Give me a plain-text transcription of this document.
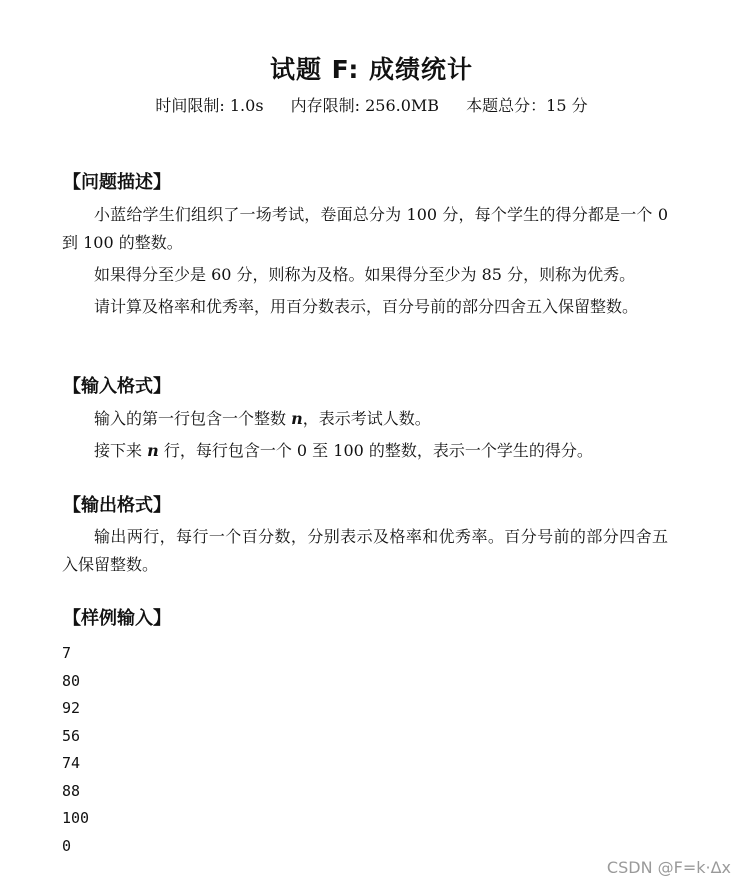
试题 F: 成绩统计
时间限制: 1.0s 内存限制: 256.0MB 本题总分：15 分
【问题描述】
小蓝给学生们组织了一场考试，卷面总分为 100 分，每个学生的得分都是一个 0 到 100 的整数。
如果得分至少是 60 分，则称为及格。如果得分至少为 85 分，则称为优秀。
请计算及格率和优秀率，用百分数表示，百分号前的部分四舍五入保留整数。
【输入格式】
输入的第一行包含一个整数 n，表示考试人数。
接下来 n 行，每行包含一个 0 至 100 的整数，表示一个学生的得分。
【输出格式】
输出两行，每行一个百分数，分别表示及格率和优秀率。百分号前的部分四舍五入保留整数。
【样例输入】
7
80
92
56
74
88
100
0
CSDN @F=k·Δx
